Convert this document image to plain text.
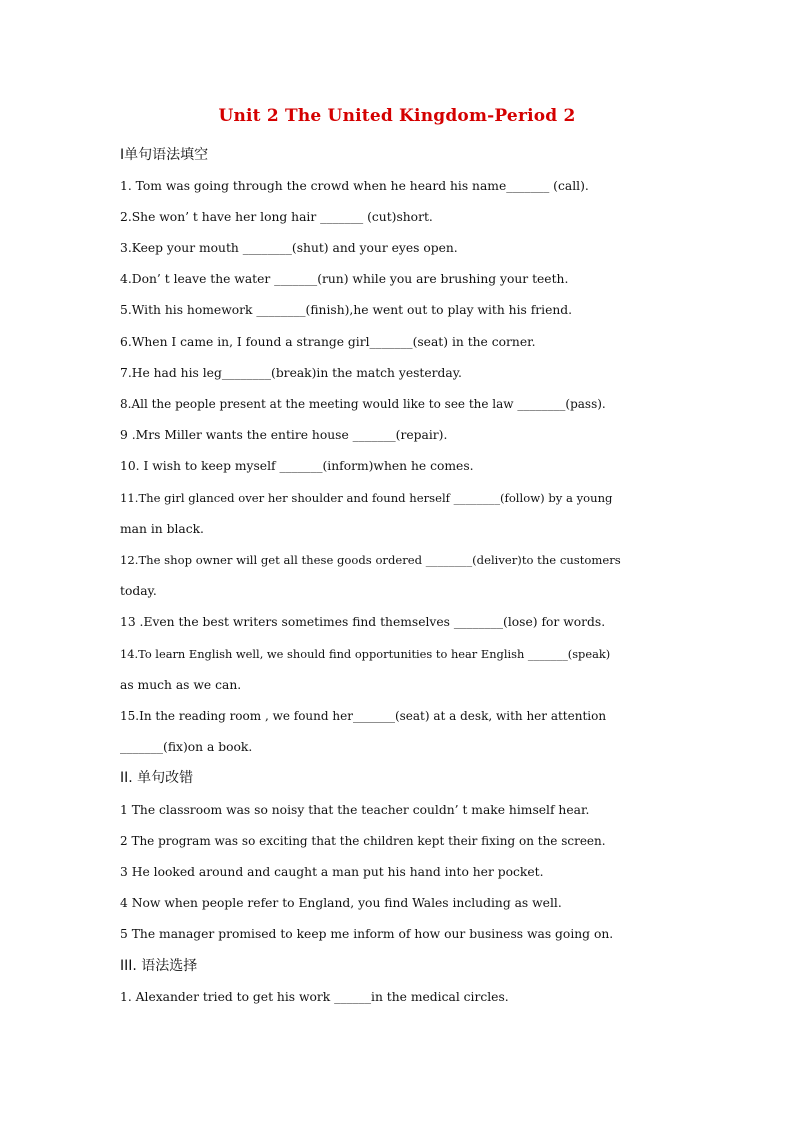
Unit 2 The United Kingdom-Period 2
I单句语法填空
1. Tom was going through the crowd when he heard his name_______ (call).
2.She won’ t have her long hair _______ (cut)short.
3.Keep your mouth ________(shut) and your eyes open.
4.Don’ t leave the water _______(run) while you are brushing your teeth.
5.With his homework ________(finish),he went out to play with his friend.
6.When I came in, I found a strange girl_______(seat) in the corner.
7.He had his leg________(break)in the match yesterday.
8.All the people present at the meeting would like to see the law ________(pass).
9 .Mrs Miller wants the entire house _______(repair).
10. I wish to keep myself _______(inform)when he comes.
11.The girl glanced over her shoulder and found herself ________(follow) by a young
man in black.
12.The shop owner will get all these goods ordered ________(deliver)to the customers
today.
13 .Even the best writers sometimes find themselves ________(lose) for words.
14.To learn English well, we should find opportunities to hear English _______(speak)
as much as we can.
15.In the reading room , we found her_______(seat) at a desk, with her attention
_______(fix)on a book.
II. 单句改错
1 The classroom was so noisy that the teacher couldn’ t make himself hear.
2 The program was so exciting that the children kept their fixing on the screen.
3 He looked around and caught a man put his hand into her pocket.
4 Now when people refer to England, you find Wales including as well.
5 The manager promised to keep me inform of how our business was going on.
III. 语法选择
1. Alexander tried to get his work ______in the medical circles.
